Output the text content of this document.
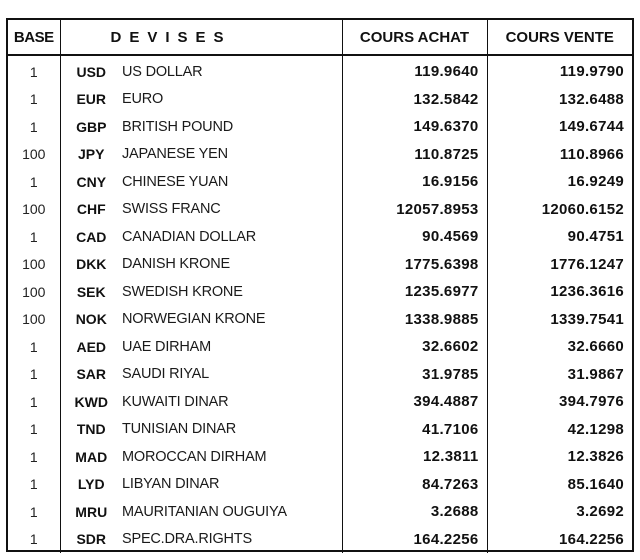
BASE	DEVISES		COURS ACHAT	COURS VENTE
1	USD	US DOLLAR	119.9640	119.9790
1	EUR	EURO	132.5842	132.6488
1	GBP	BRITISH POUND	149.6370	149.6744
100	JPY	JAPANESE YEN	110.8725	110.8966
1	CNY	CHINESE YUAN	16.9156	16.9249
100	CHF	SWISS FRANC	12057.8953	12060.6152
1	CAD	CANADIAN DOLLAR	90.4569	90.4751
100	DKK	DANISH KRONE	1775.6398	1776.1247
100	SEK	SWEDISH KRONE	1235.6977	1236.3616
100	NOK	NORWEGIAN KRONE	1338.9885	1339.7541
1	AED	UAE DIRHAM	32.6602	32.6660
1	SAR	SAUDI RIYAL	31.9785	31.9867
1	KWD	KUWAITI DINAR	394.4887	394.7976
1	TND	TUNISIAN DINAR	41.7106	42.1298
1	MAD	MOROCCAN DIRHAM	12.3811	12.3826
1	LYD	LIBYAN DINAR	84.7263	85.1640
1	MRU	MAURITANIAN OUGUIYA	3.2688	3.2692
1	SDR	SPEC.DRA.RIGHTS	164.2256	164.2256
